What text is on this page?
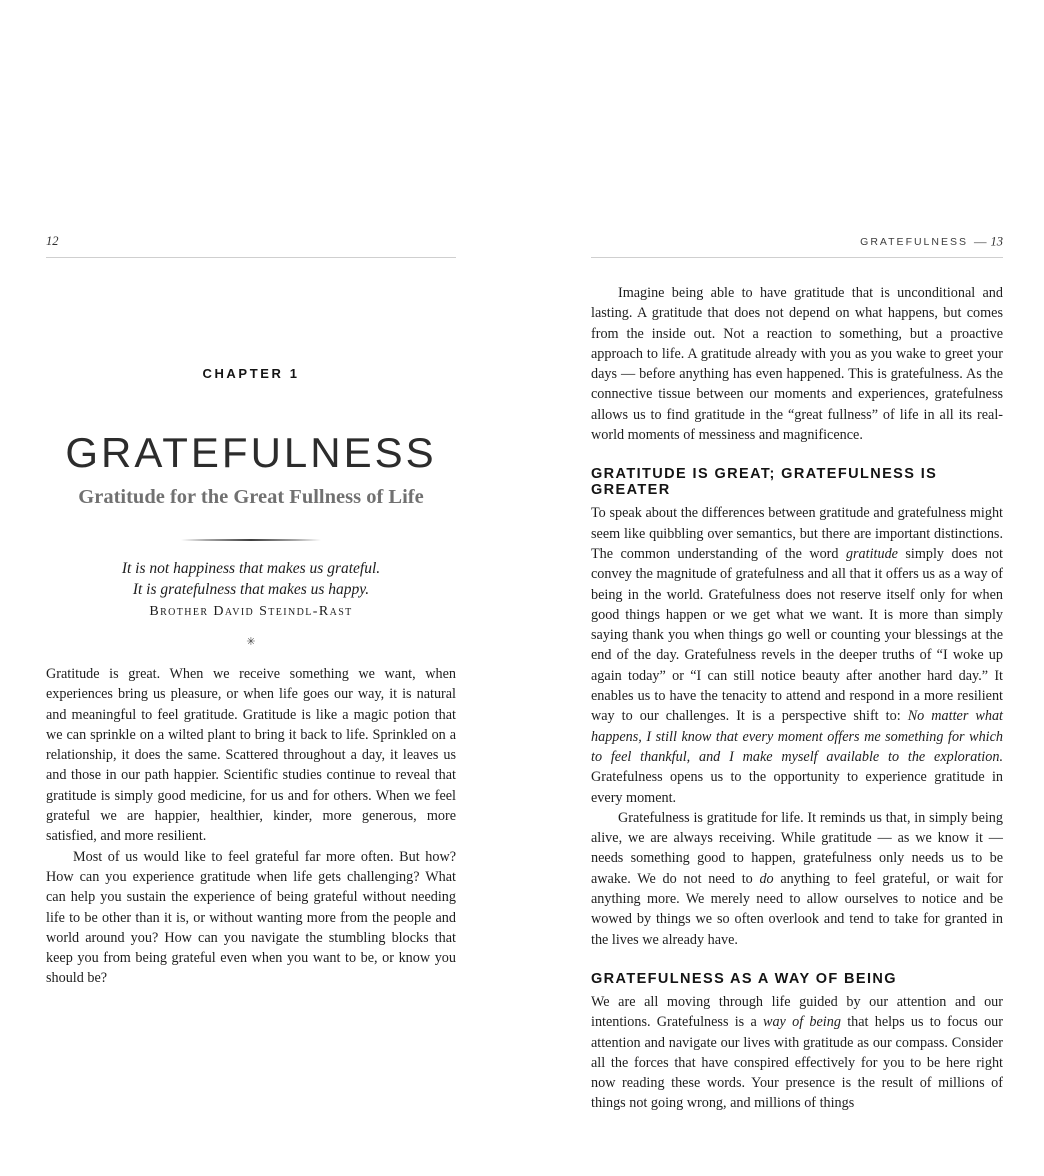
12
CHAPTER 1
GRATEFULNESS
Gratitude for the Great Fullness of Life
It is not happiness that makes us grateful.
It is gratefulness that makes us happy.
Brother David Steindl-Rast
✳

Gratitude is great. When we receive something we want, when experiences bring us pleasure, or when life goes our way, it is natural and meaningful to feel gratitude. Gratitude is like a magic potion that we can sprinkle on a wilted plant to bring it back to life. Sprinkled on a relationship, it does the same. Scattered throughout a day, it leaves us and those in our path happier. Scientific studies continue to reveal that gratitude is simply good medicine, for us and for others. When we feel grateful we are happier, healthier, kinder, more generous, more satisfied, and more resilient.

Most of us would like to feel grateful far more often. But how? How can you experience gratitude when life gets challenging? What can help you sustain the experience of being grateful without needing life to be other than it is, or without wanting more from the people and world around you? How can you navigate the stumbling blocks that keep you from being grateful even when you want to be, or know you should be?

GRATEFULNESS — 13

Imagine being able to have gratitude that is unconditional and lasting. A gratitude that does not depend on what happens, but comes from the inside out. Not a reaction to something, but a proactive approach to life. A gratitude already with you as you wake to greet your days — before anything has even happened. This is gratefulness. As the connective tissue between our moments and experiences, gratefulness allows us to find gratitude in the “great fullness” of life in all its real-world moments of messiness and magnificence.

GRATITUDE IS GREAT; GRATEFULNESS IS GREATER

To speak about the differences between gratitude and gratefulness might seem like quibbling over semantics, but there are important distinctions. The common understanding of the word gratitude simply does not convey the magnitude of gratefulness and all that it offers us as a way of being in the world. Gratefulness does not reserve itself only for when good things happen or we get what we want. It is more than simply saying thank you when things go well or counting your blessings at the end of the day. Gratefulness revels in the deeper truths of “I woke up again today” or “I can still notice beauty after another hard day.” It enables us to have the tenacity to attend and respond in a more resilient way to our challenges. It is a perspective shift to: No matter what happens, I still know that every moment offers me something for which to feel thankful, and I make myself available to the exploration. Gratefulness opens us to the opportunity to experience gratitude in every moment.

Gratefulness is gratitude for life. It reminds us that, in simply being alive, we are always receiving. While gratitude — as we know it — needs something good to happen, gratefulness only needs us to be awake. We do not need to do anything to feel grateful, or wait for anything more. We merely need to allow ourselves to notice and be wowed by things we so often overlook and tend to take for granted in the lives we already have.

GRATEFULNESS AS A WAY OF BEING

We are all moving through life guided by our attention and our intentions. Gratefulness is a way of being that helps us to focus our attention and navigate our lives with gratitude as our compass. Consider all the forces that have conspired effectively for you to be here right now reading these words. Your presence is the result of millions of things not going wrong, and millions of things
